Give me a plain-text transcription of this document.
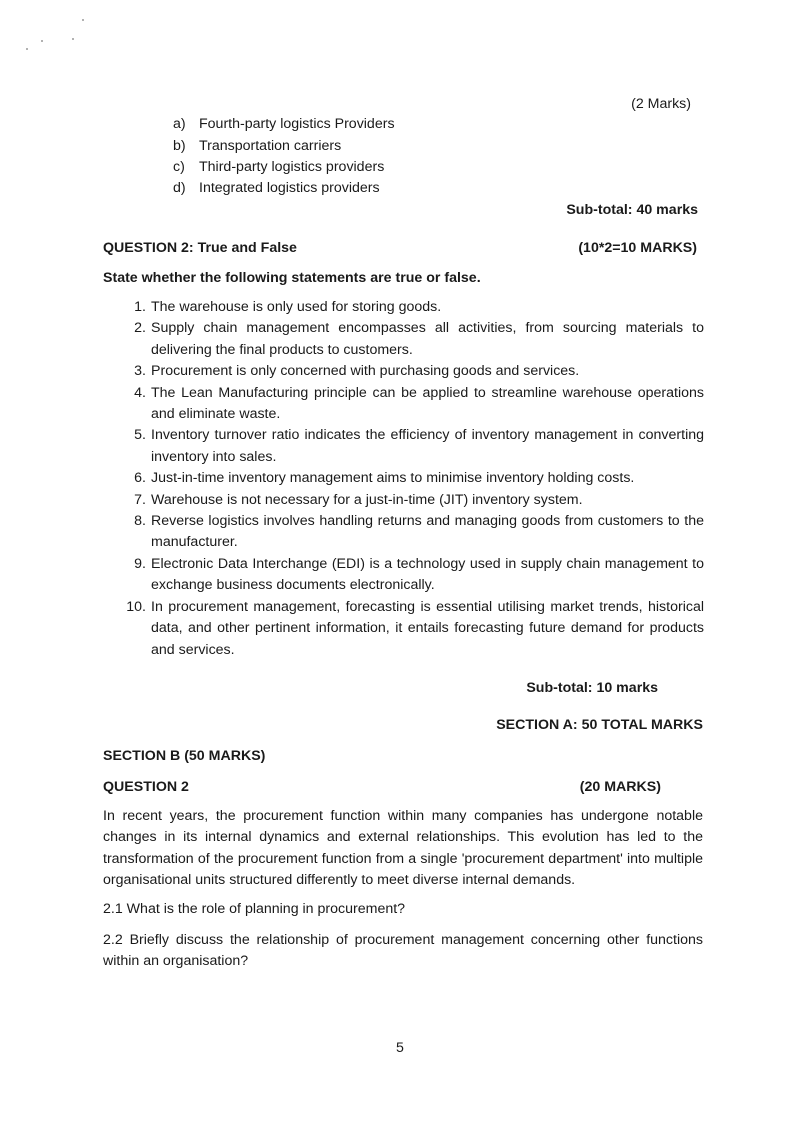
(2 Marks)
a) Fourth-party logistics Providers
b) Transportation carriers
c) Third-party logistics providers
d) Integrated logistics providers
Sub-total: 40 marks
QUESTION 2: True and False	(10*2=10 MARKS)
State whether the following statements are true or false.
1. The warehouse is only used for storing goods.
2. Supply chain management encompasses all activities, from sourcing materials to delivering the final products to customers.
3. Procurement is only concerned with purchasing goods and services.
4. The Lean Manufacturing principle can be applied to streamline warehouse operations and eliminate waste.
5. Inventory turnover ratio indicates the efficiency of inventory management in converting inventory into sales.
6. Just-in-time inventory management aims to minimise inventory holding costs.
7. Warehouse is not necessary for a just-in-time (JIT) inventory system.
8. Reverse logistics involves handling returns and managing goods from customers to the manufacturer.
9. Electronic Data Interchange (EDI) is a technology used in supply chain management to exchange business documents electronically.
10. In procurement management, forecasting is essential utilising market trends, historical data, and other pertinent information, it entails forecasting future demand for products and services.
Sub-total: 10 marks
SECTION A: 50 TOTAL MARKS
SECTION B (50 MARKS)
QUESTION 2	(20 MARKS)
In recent years, the procurement function within many companies has undergone notable changes in its internal dynamics and external relationships. This evolution has led to the transformation of the procurement function from a single 'procurement department' into multiple organisational units structured differently to meet diverse internal demands.
2.1 What is the role of planning in procurement?
2.2 Briefly discuss the relationship of procurement management concerning other functions within an organisation?
5
